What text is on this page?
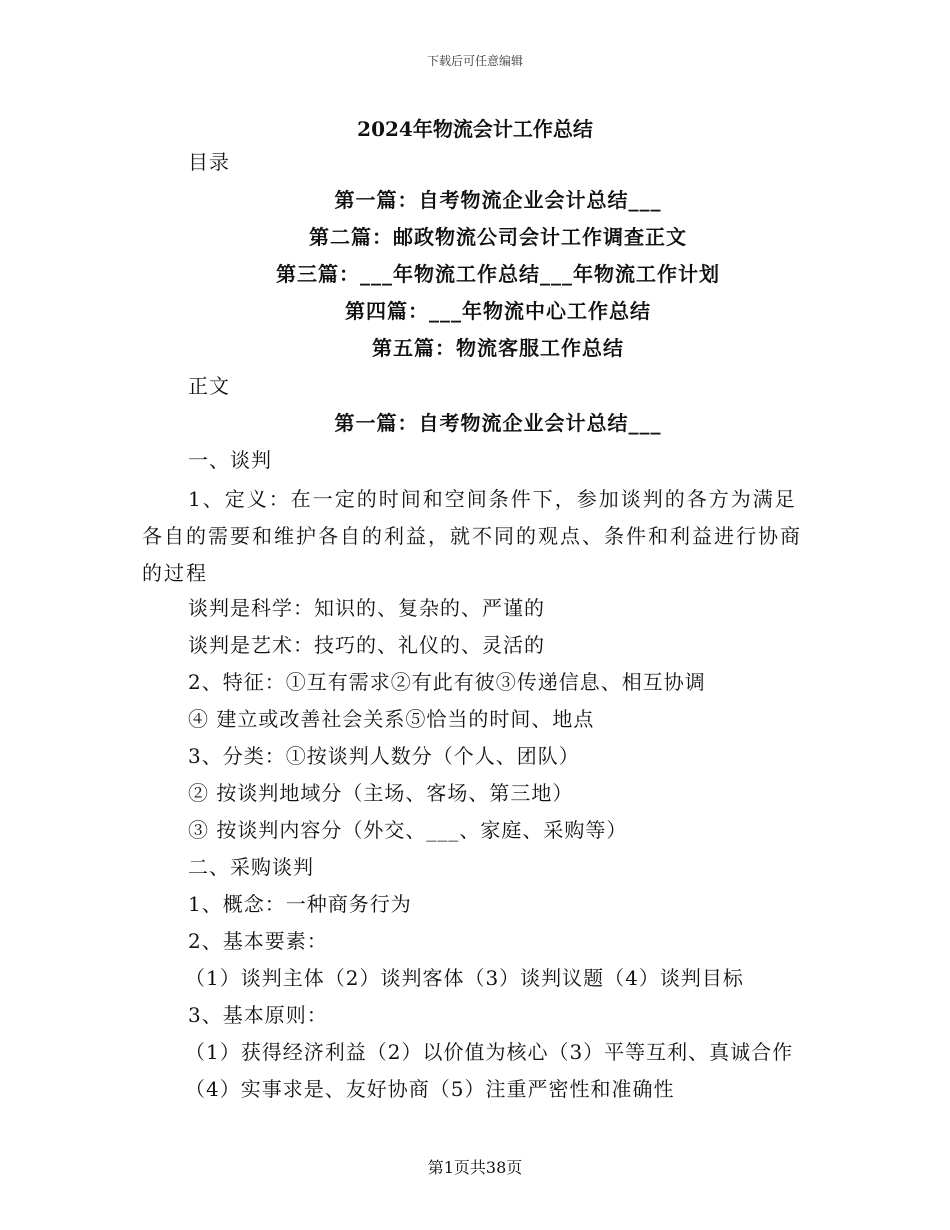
下载后可任意编辑
2024年物流会计工作总结
目录
第一篇：自考物流企业会计总结___
第二篇：邮政物流公司会计工作调查正文
第三篇：___年物流工作总结___年物流工作计划
第四篇：___年物流中心工作总结
第五篇：物流客服工作总结
正文
第一篇：自考物流企业会计总结___
一、谈判
1、定义：在一定的时间和空间条件下，参加谈判的各方为满足各自的需要和维护各自的利益，就不同的观点、条件和利益进行协商的过程
谈判是科学：知识的、复杂的、严谨的
谈判是艺术：技巧的、礼仪的、灵活的
2、特征：①互有需求②有此有彼③传递信息、相互协调
④ 建立或改善社会关系⑤恰当的时间、地点
3、分类：①按谈判人数分（个人、团队）
② 按谈判地域分（主场、客场、第三地）
③ 按谈判内容分（外交、___、家庭、采购等）
二、采购谈判
1、概念：一种商务行为
2、基本要素：
（1）谈判主体（2）谈判客体（3）谈判议题（4）谈判目标
3、基本原则：
（1）获得经济利益（2）以价值为核心（3）平等互利、真诚合作
（4）实事求是、友好协商（5）注重严密性和准确性
第1页共38页
